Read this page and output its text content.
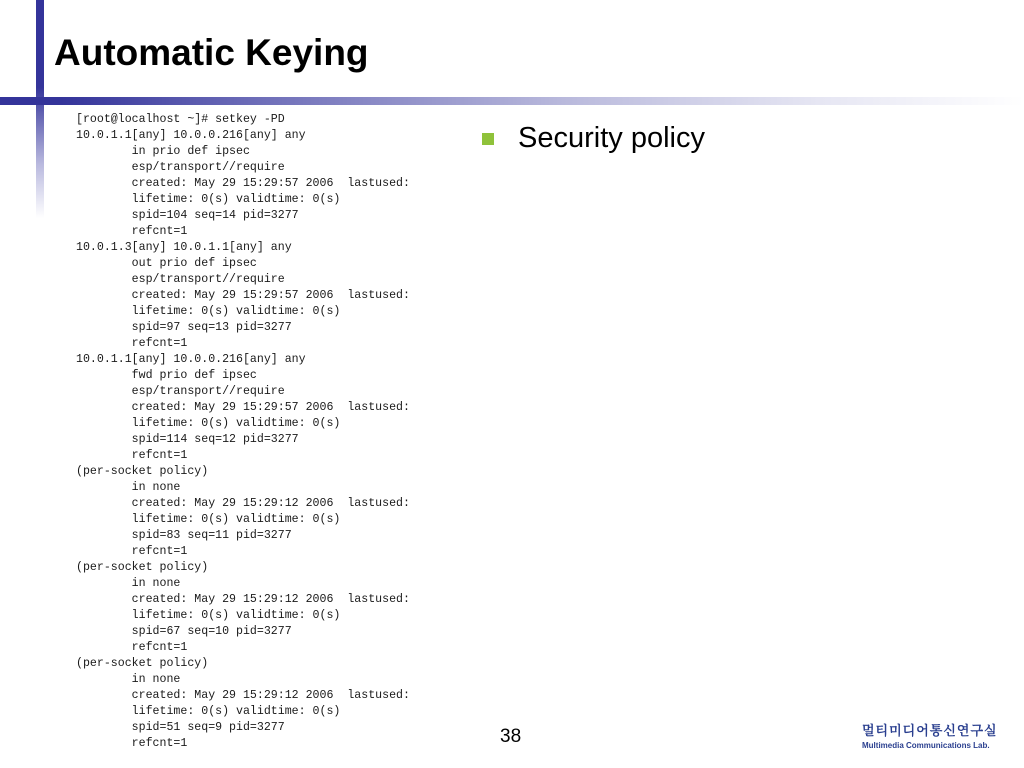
Automatic Keying
[root@localhost ~]# setkey -PD
10.0.1.1[any] 10.0.0.216[any] any
in prio def ipsec
esp/transport//require
created: May 29 15:29:57 2006  lastused:
lifetime: 0(s) validtime: 0(s)
spid=104 seq=14 pid=3277
refcnt=1
10.0.1.3[any] 10.0.1.1[any] any
out prio def ipsec
esp/transport//require
created: May 29 15:29:57 2006  lastused:
lifetime: 0(s) validtime: 0(s)
spid=97 seq=13 pid=3277
refcnt=1
10.0.1.1[any] 10.0.0.216[any] any
fwd prio def ipsec
esp/transport//require
created: May 29 15:29:57 2006  lastused:
lifetime: 0(s) validtime: 0(s)
spid=114 seq=12 pid=3277
refcnt=1
(per-socket policy)
in none
created: May 29 15:29:12 2006  lastused:
lifetime: 0(s) validtime: 0(s)
spid=83 seq=11 pid=3277
refcnt=1
(per-socket policy)
in none
created: May 29 15:29:12 2006  lastused:
lifetime: 0(s) validtime: 0(s)
spid=67 seq=10 pid=3277
refcnt=1
(per-socket policy)
in none
created: May 29 15:29:12 2006  lastused:
lifetime: 0(s) validtime: 0(s)
spid=51 seq=9 pid=3277
refcnt=1
Security policy
38	멀티미디어통신연구실
Multimedia Communications Lab.
